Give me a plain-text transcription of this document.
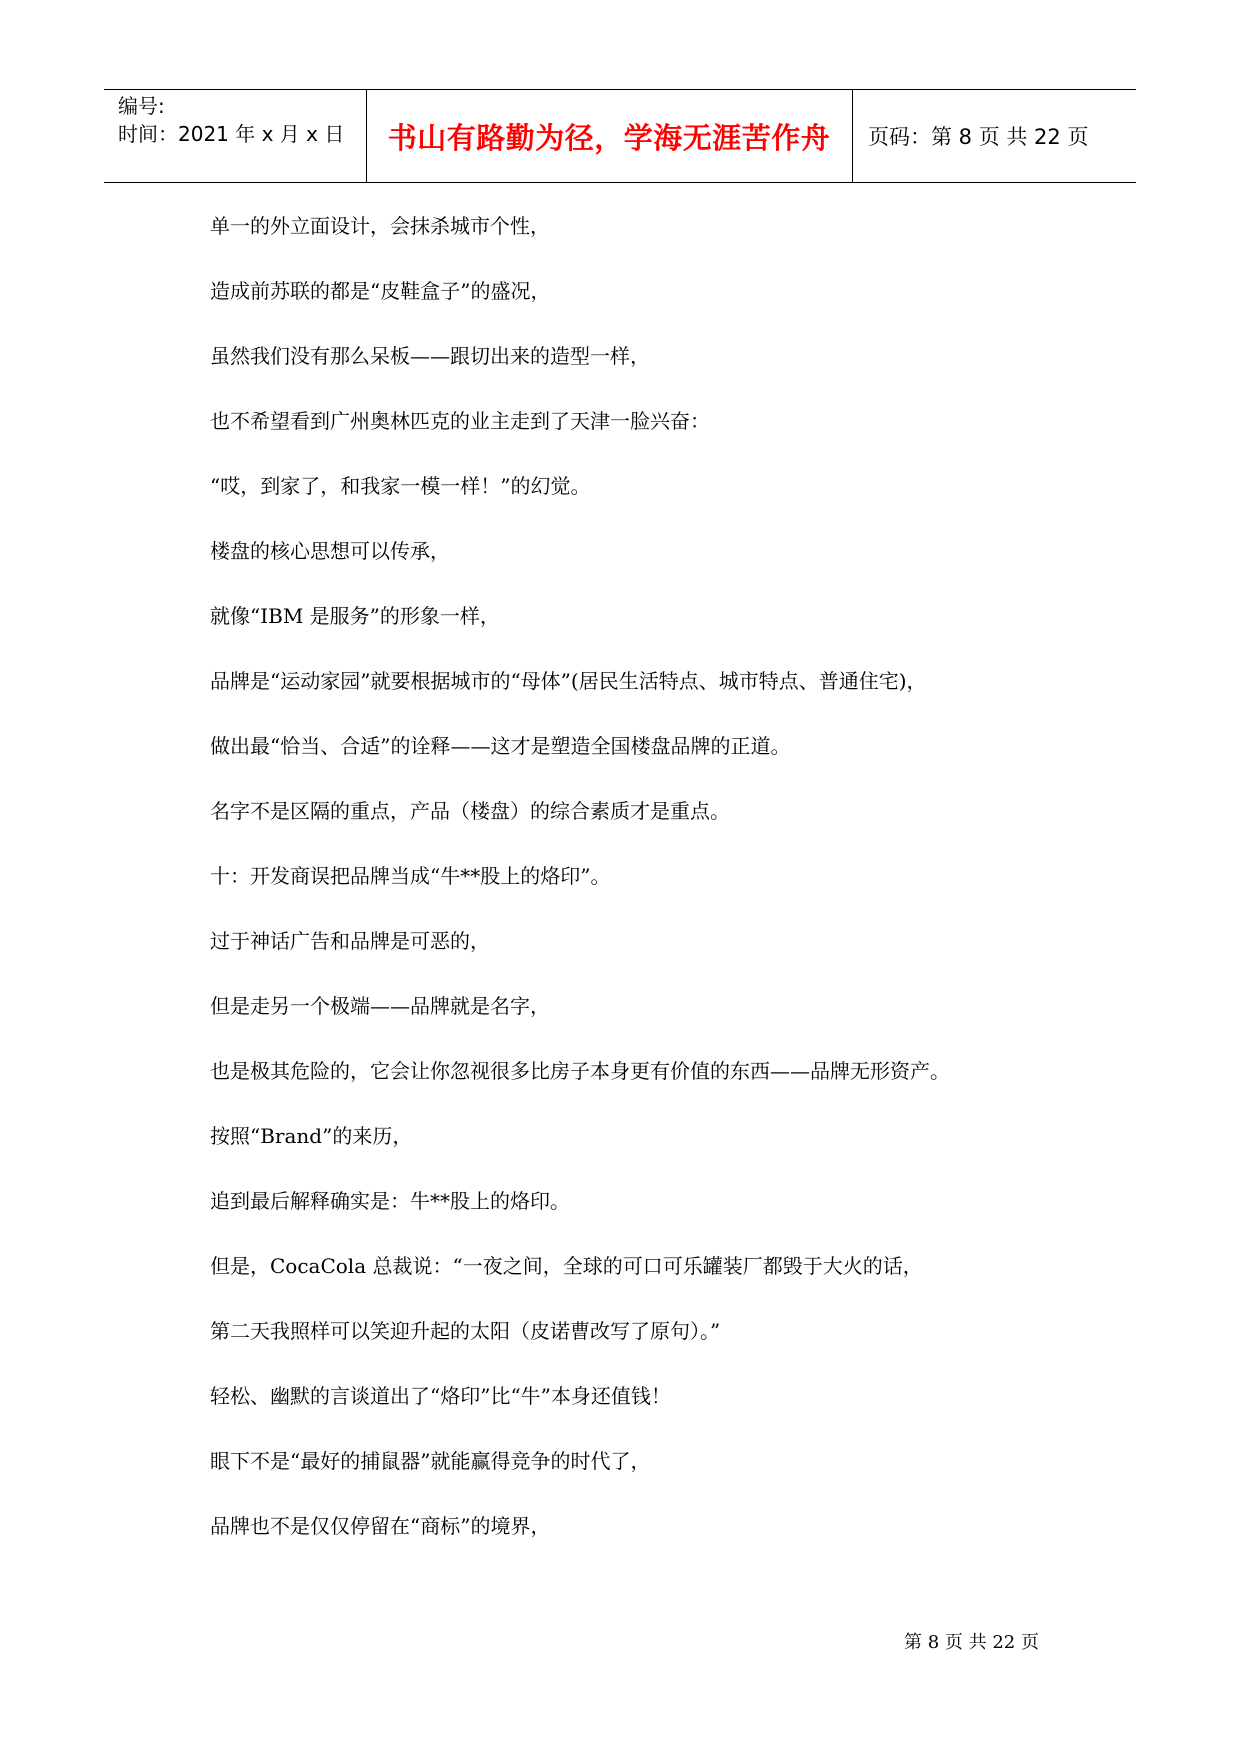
编号:
时间：2021 年 x 月 x 日	书山有路勤为径，学海无涯苦作舟	页码：第 8 页 共 22 页
单一的外立面设计，会抹杀城市个性，
造成前苏联的都是“皮鞋盒子”的盛况，
虽然我们没有那么呆板——跟切出来的造型一样，
也不希望看到广州奥林匹克的业主走到了天津一脸兴奋：
“哎，到家了，和我家一模一样！”的幻觉。
楼盘的核心思想可以传承，
就像“IBM 是服务”的形象一样，
品牌是“运动家园”就要根据城市的“母体”(居民生活特点、城市特点、普通住宅)，
做出最“恰当、合适”的诠释——这才是塑造全国楼盘品牌的正道。
名字不是区隔的重点，产品（楼盘）的综合素质才是重点。
十：开发商误把品牌当成“牛**股上的烙印”。
过于神话广告和品牌是可恶的，
但是走另一个极端——品牌就是名字，
也是极其危险的，它会让你忽视很多比房子本身更有价值的东西——品牌无形资产。
按照“Brand”的来历，
追到最后解释确实是：牛**股上的烙印。
但是，CocaCola 总裁说：“一夜之间，全球的可口可乐罐装厂都毁于大火的话，
第二天我照样可以笑迎升起的太阳（皮诺曹改写了原句）。”
轻松、幽默的言谈道出了“烙印”比“牛”本身还值钱！
眼下不是“最好的捕鼠器”就能赢得竞争的时代了，
品牌也不是仅仅停留在“商标”的境界，
第 8 页 共 22 页
